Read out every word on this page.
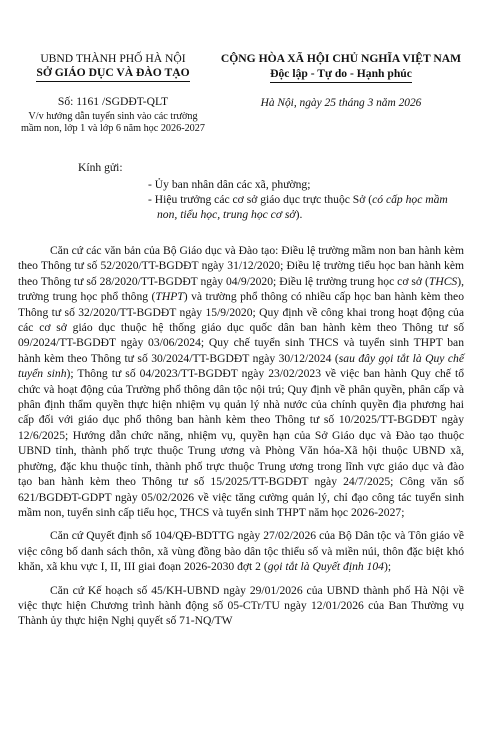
UBND THÀNH PHỐ HÀ NỘI
SỞ GIÁO DỤC VÀ ĐÀO TẠO
Số: 1161 /SGDĐT-QLT
V/v hướng dẫn tuyển sinh vào các trường mầm non, lớp 1 và lớp 6 năm học 2026-2027
CỘNG HÒA XÃ HỘI CHỦ NGHĨA VIỆT NAM
Độc lập - Tự do - Hạnh phúc
Hà Nội, ngày 25 tháng 3 năm 2026
Kính gửi:
- Ủy ban nhân dân các xã, phường;
- Hiệu trưởng các cơ sở giáo dục trực thuộc Sở (có cấp học mầm non, tiểu học, trung học cơ sở).

Căn cứ các văn bản của Bộ Giáo dục và Đào tạo: Điều lệ trường mầm non ban hành kèm theo Thông tư số 52/2020/TT-BGDĐT ngày 31/12/2020; Điều lệ trường tiểu học ban hành kèm theo Thông tư số 28/2020/TT-BGDĐT ngày 04/9/2020; Điều lệ trường trung học cơ sở (THCS), trường trung học phổ thông (THPT) và trường phổ thông có nhiều cấp học ban hành kèm theo Thông tư số 32/2020/TT-BGDĐT ngày 15/9/2020; Quy định về công khai trong hoạt động của các cơ sở giáo dục thuộc hệ thống giáo dục quốc dân ban hành kèm theo Thông tư số 09/2024/TT-BGDĐT ngày 03/06/2024; Quy chế tuyển sinh THCS và tuyển sinh THPT ban hành kèm theo Thông tư số 30/2024/TT-BGDĐT ngày 30/12/2024 (sau đây gọi tắt là Quy chế tuyển sinh); Thông tư số 04/2023/TT-BGDĐT ngày 23/02/2023 về việc ban hành Quy chế tổ chức và hoạt động của Trường phổ thông dân tộc nội trú; Quy định về phân quyền, phân cấp và phân định thẩm quyền thực hiện nhiệm vụ quản lý nhà nước của chính quyền địa phương hai cấp đối với giáo dục phổ thông ban hành kèm theo Thông tư số 10/2025/TT-BGDĐT ngày 12/6/2025; Hướng dẫn chức năng, nhiệm vụ, quyền hạn của Sở Giáo dục và Đào tạo thuộc UBND tỉnh, thành phố trực thuộc Trung ương và Phòng Văn hóa-Xã hội thuộc UBND xã, phường, đặc khu thuộc tỉnh, thành phố trực thuộc Trung ương trong lĩnh vực giáo dục và đào tạo ban hành kèm theo Thông tư số 15/2025/TT-BGDĐT ngày 24/7/2025; Công văn số 621/BGDĐT-GDPT ngày 05/02/2026 về việc tăng cường quản lý, chỉ đạo công tác tuyển sinh mầm non, tuyển sinh cấp tiểu học, THCS và tuyển sinh THPT năm học 2026-2027;

Căn cứ Quyết định số 104/QĐ-BDTTG ngày 27/02/2026 của Bộ Dân tộc và Tôn giáo về việc công bố danh sách thôn, xã vùng đồng bào dân tộc thiểu số và miền núi, thôn đặc biệt khó khăn, xã khu vực I, II, III giai đoạn 2026-2030 đợt 2 (gọi tắt là Quyết định 104);

Căn cứ Kế hoạch số 45/KH-UBND ngày 29/01/2026 của UBND thành phố Hà Nội về việc thực hiện Chương trình hành động số 05-CTr/TU ngày 12/01/2026 của Ban Thường vụ Thành ủy thực hiện Nghị quyết số 71-NQ/TW
